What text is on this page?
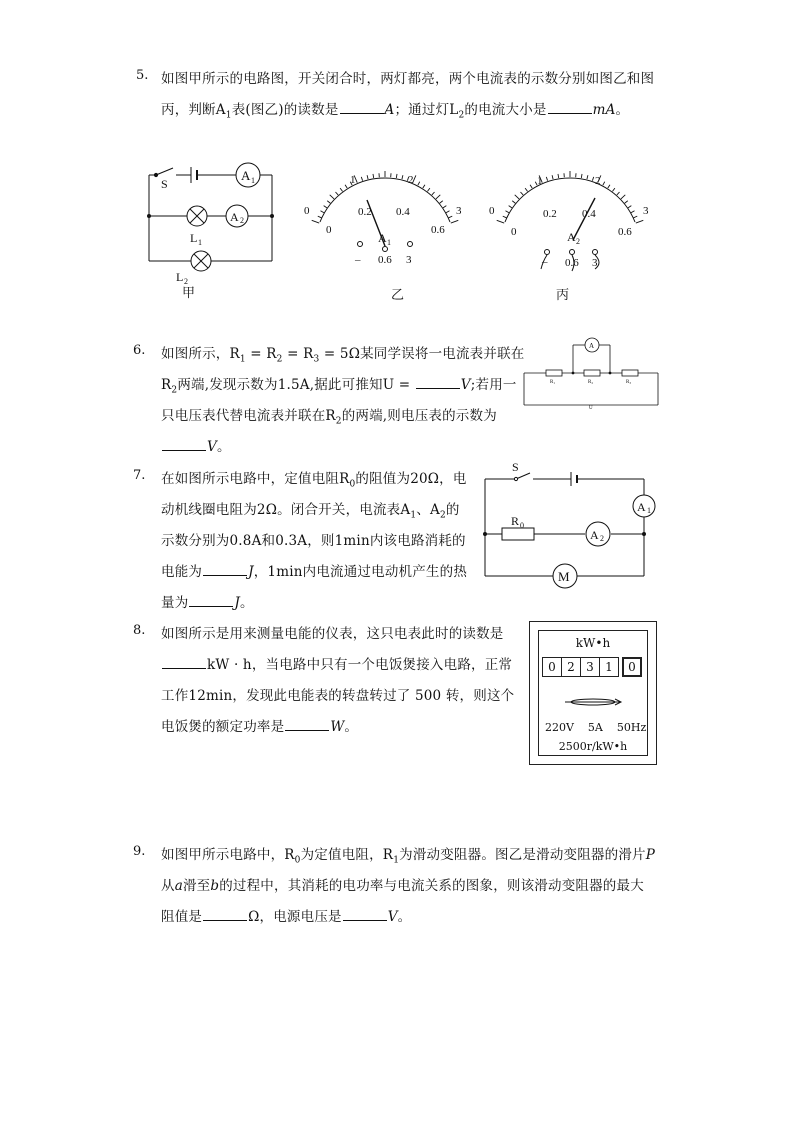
5. 如图甲所示的电路图，开关闭合时，两灯都亮，两个电流表的示数分别如图乙和图
丙，判断$A_1$表(图乙)的读数是	A；通过灯$L_2$的电流大小是	mA。
A 1
A 2
S
L 1
L 2
甲
0
1	2
3
0
0.2 0.4
0.6
A 1
– 0.6 3
乙
0
1	2
3
0
0.2 0.4
0.6
A 2
– 0.6 3
丙
6. 如图所示，$R_1 = R_2 = R_3 = 5\Omega$某同学误将一电流表并联在
$R_2$两端,发现示数为1.5A,据此可推知U =	V;若用一
只电压表代替电流表并联在$R_2$的两端,则电压表的示数为
V。
A
R₁	R₂	R₃
U
7. 在如图所示电路中，定值电阻$R_0$的阻值为20Ω，电
动机线圈电阻为2Ω。闭合开关，电流表$A_1$、$A_2$的
示数分别为0.8A和0.3A，则1min内该电路消耗的
电能为	J，1min内电流通过电动机产生的热
量为	J。
S
R 0
A 1
A 2
M
8. 如图所示是用来测量电能的仪表，这只电表此时的读数是
kW · h，当电路中只有一个电饭煲接入电路，正常
工作12min，发现此电能表的转盘转过了 500 转，则这个
电饭煲的额定功率是	W。
kW•h
0 2 3 1	0
220V    5A    50Hz
2500r/kW•h
9. 如图甲所示电路中，$R_0$为定值电阻，$R_1$为滑动变阻器。图乙是滑动变阻器的滑片P
从a滑至b的过程中，其消耗的电功率与电流关系的图象，则该滑动变阻器的最大
阻值是	Ω，电源电压是	V。
